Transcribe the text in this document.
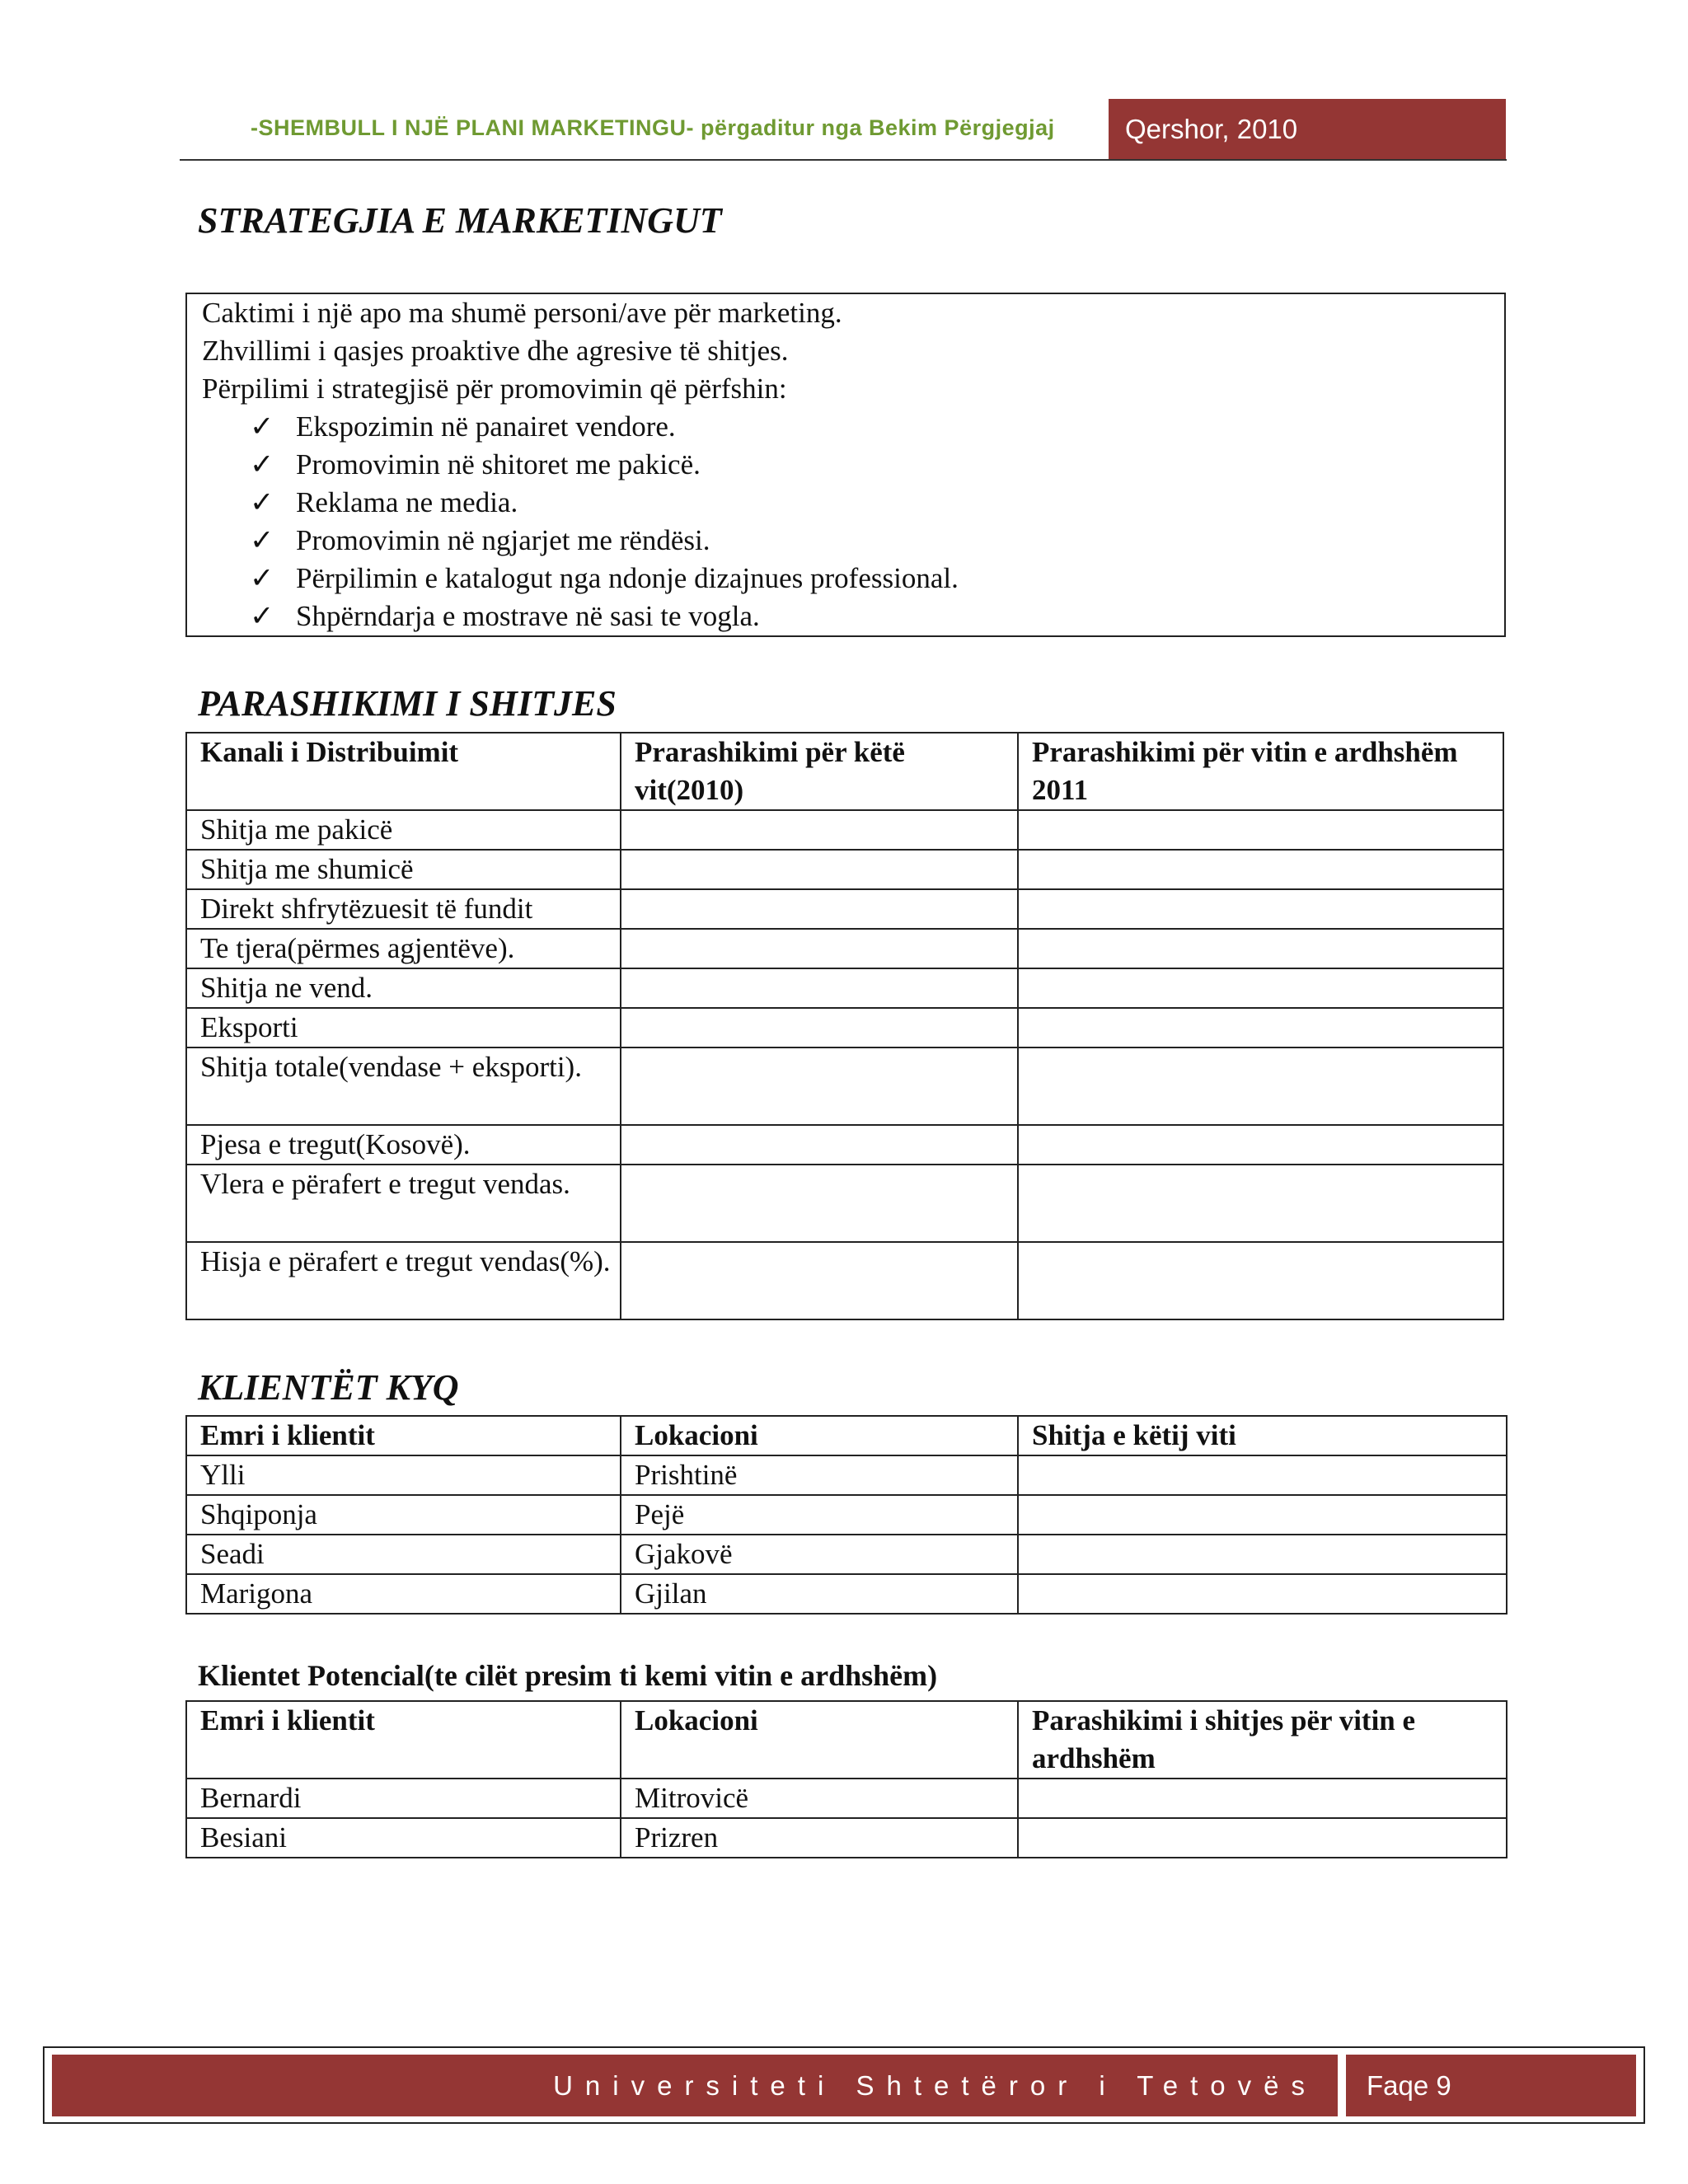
-SHEMBULL I NJË PLANI MARKETINGU- përgaditur nga Bekim Përgjegjaj	Qershor, 2010
STRATEGJIA E MARKETINGUT
Caktimi i një apo ma shumë personi/ave për marketing.
Zhvillimi i qasjes proaktive dhe agresive të shitjes.
Përpilimi i strategjisë për promovimin që përfshin:
✓ Ekspozimin në panairet vendore.
✓ Promovimin në shitoret me pakicë.
✓ Reklama ne media.
✓ Promovimin në ngjarjet me rëndësi.
✓ Përpilimin e katalogut nga ndonje dizajnues professional.
✓ Shpërndarja e mostrave në sasi te vogla.
PARASHIKIMI I SHITJES
Kanali i Distribuimit	Prarashikimi për këtë vit(2010)	Prarashikimi për vitin e ardhshëm 2011
Shitja me pakicë		
Shitja me shumicë		
Direkt shfrytëzuesit të fundit		
Te tjera(përmes agjentëve).		
Shitja ne vend.		
Eksporti		
Shitja totale(vendase + eksporti).		
Pjesa e tregut(Kosovë).		
Vlera e përafert e tregut vendas.		
Hisja e përafert e tregut vendas(%).		
KLIENTËT KYQ
Emri i klientit	Lokacioni	Shitja e këtij viti
Ylli	Prishtinë	
Shqiponja	Pejë	
Seadi	Gjakovë	
Marigona	Gjilan	
Klientet Potencial(te cilët presim ti kemi vitin e ardhshëm)
Emri i klientit	Lokacioni	Parashikimi i shitjes për vitin e ardhshëm
Bernardi	Mitrovicë	
Besiani	Prizren	
Universiteti Shtetëror i Tetovës Faqe 9
